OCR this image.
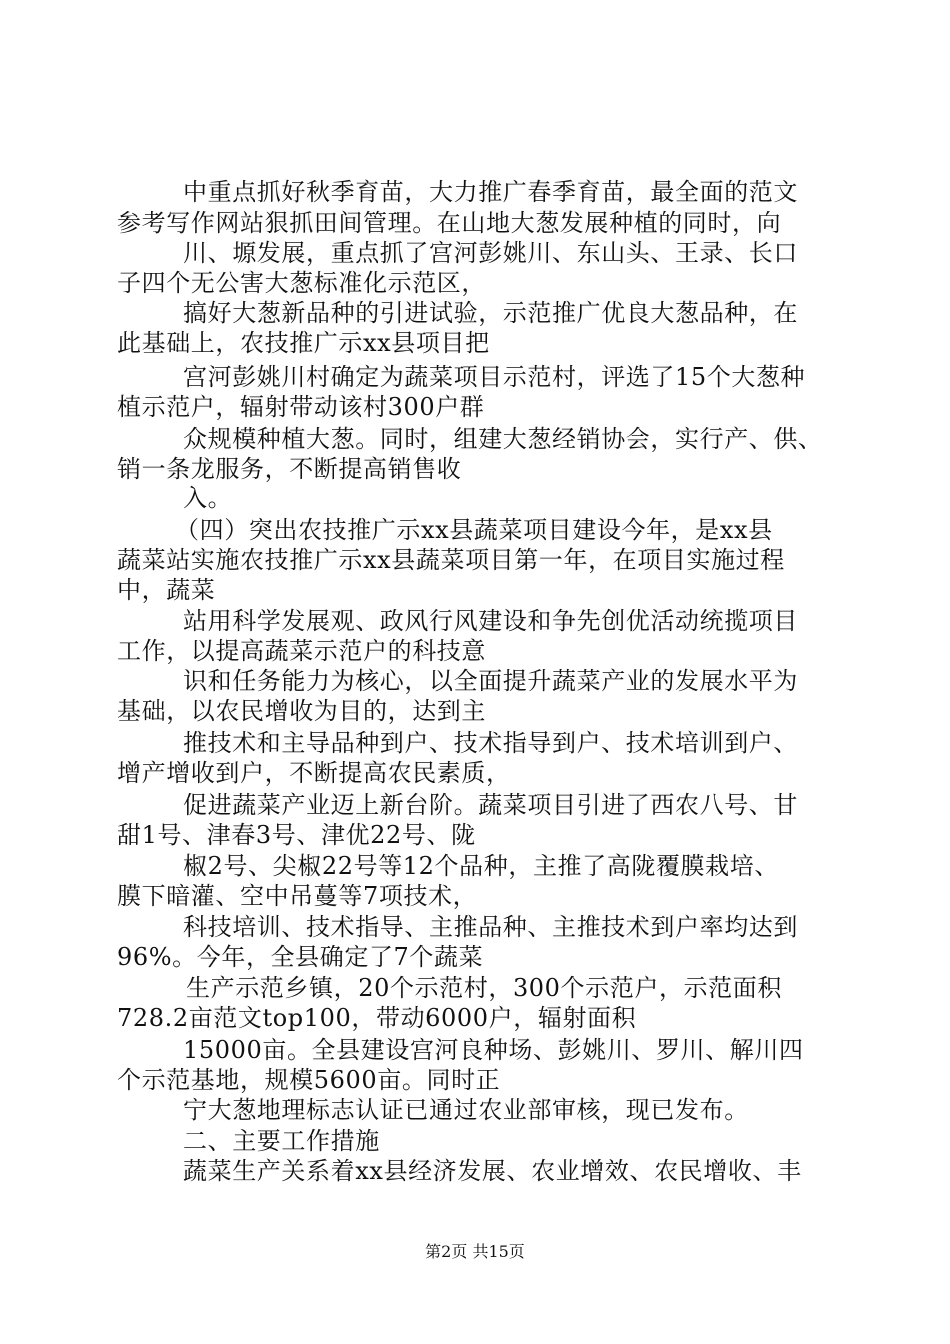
中重点抓好秋季育苗，大力推广春季育苗，最全面的范文
参考写作网站狠抓田间管理。在山地大葱发展种植的同时，向
川、塬发展，重点抓了宫河彭姚川、东山头、王录、长口
子四个无公害大葱标准化示范区，
搞好大葱新品种的引进试验，示范推广优良大葱品种，在
此基础上，农技推广示xx县项目把
宫河彭姚川村确定为蔬菜项目示范村，评选了15个大葱种
植示范户，辐射带动该村300户群
众规模种植大葱。同时，组建大葱经销协会，实行产、供、
销一条龙服务，不断提高销售收
入。
（四）突出农技推广示xx县蔬菜项目建设今年，是xx县
蔬菜站实施农技推广示xx县蔬菜项目第一年，在项目实施过程
中，蔬菜
站用科学发展观、政风行风建设和争先创优活动统揽项目
工作，以提高蔬菜示范户的科技意
识和任务能力为核心，以全面提升蔬菜产业的发展水平为
基础，以农民增收为目的，达到主
推技术和主导品种到户、技术指导到户、技术培训到户、
增产增收到户，不断提高农民素质，
促进蔬菜产业迈上新台阶。蔬菜项目引进了西农八号、甘
甜1号、津春3号、津优22号、陇
椒2号、尖椒22号等12个品种，主推了高陇覆膜栽培、
膜下暗灌、空中吊蔓等7项技术，
科技培训、技术指导、主推品种、主推技术到户率均达到
96%。今年，全县确定了7个蔬菜
生产示范乡镇，20个示范村，300个示范户，示范面积
728.2亩范文top100，带动6000户，辐射面积
15000亩。全县建设宫河良种场、彭姚川、罗川、解川四
个示范基地，规模5600亩。同时正
宁大葱地理标志认证已通过农业部审核，现已发布。
二、主要工作措施
蔬菜生产关系着xx县经济发展、农业增效、农民增收、丰
第2页 共15页
